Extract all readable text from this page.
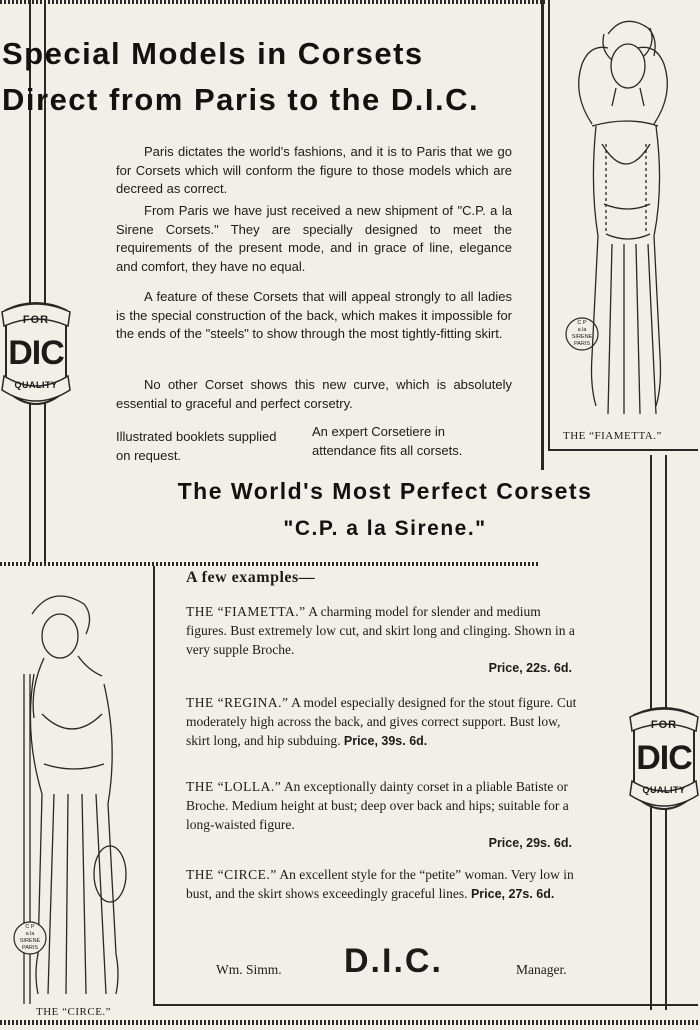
Special Models in Corsets
Direct from Paris to the D.I.C.

Paris dictates the world's fashions, and it is to Paris that we go for Corsets which will conform the figure to those models which are decreed as correct.

From Paris we have just received a new shipment of "C.P. a la Sirene Corsets." They are specially designed to meet the requirements of the present mode, and in grace of line, elegance and comfort, they have no equal.

A feature of these Corsets that will appeal strongly to all ladies is the special construction of the back, which makes it impossible for the ends of the "steels" to show through the most tightly-fitting skirt.

No other Corset shows this new curve, which is absolutely essential to graceful and perfect corsetry.

Illustrated booklets supplied on request.

An expert Corsetiere in attendance fits all corsets.

C P
a la SIRENE
PARIS
THE “FIAMETTA.”
FOR
DIC
QUALITY
The World's Most Perfect Corsets
"C.P. a la Sirene."
C P
a la SIRENE
PARIS
THE “CIRCE.”
FOR
DIC
QUALITY
A few examples—

THE “FIAMETTA.” A charming model for slender and medium figures. Bust extremely low cut, and skirt long and clinging. Shown in a very supple Broche.
Price, 22s. 6d.

THE “REGINA.” A model especially designed for the stout figure. Cut moderately high across the back, and gives correct support. Bust low, skirt long, and hip subduing. Price, 39s. 6d.

THE “LOLLA.” An exceptionally dainty corset in a pliable Batiste or Broche. Medium height at bust; deep over back and hips; suitable for a long-waisted figure.
Price, 29s. 6d.

THE “CIRCE.” An excellent style for the “petite” woman. Very low in bust, and the skirt shows exceedingly graceful lines. Price, 27s. 6d.

Wm. Simm. D.I.C.	Manager.
